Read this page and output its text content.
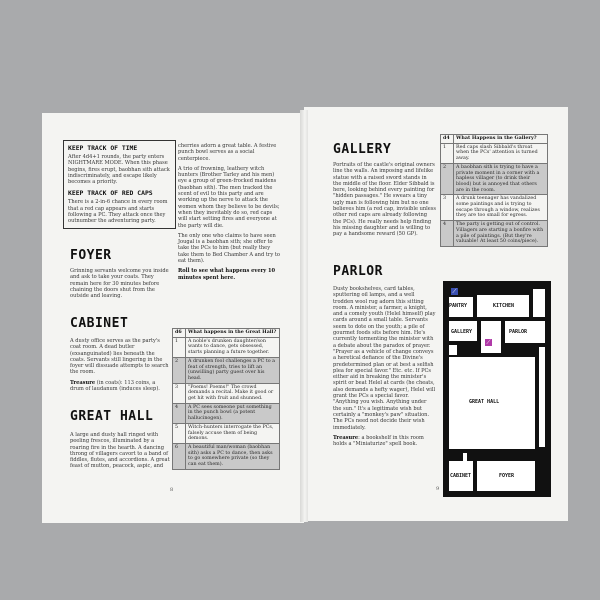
KEEP TRACK OF TIME
After 4d4+1 rounds, the party enters NIGHTMARE MODE. When this phase begins, fires erupt, baobhan sith attack indiscriminately, and escape likely becomes a priority.
KEEP TRACK OF RED CAPS
There is a 2-in-6 chance in every room that a red cap appears and starts following a PC. They attack once they outnumber the adventuring party.
FOYER
Grinning servants welcome you inside and ask to take your coats. They remain here for 30 minutes before chaining the doors shut from the outside and leaving.
CABINET

A dusty office serves as the party's coat room. A dead butler (exsanguinated) lies beneath the coats. Servants still lingering in the foyer will dissuade attempts to search the room.

Treasure (in coats): 113 coins, a drum of laudanum (induces sleep).

GREAT HALL
A large and dusty hall ringed with peeling frescos, illuminated by a roaring fire in the hearth. A dancing throng of villagers cavort to a band of fiddles, flutes, and accordions. A great feast of mutton, peacock, aspic, and

cherries adorn a great table. A festive punch bowl serves as a social centerpiece.

A trio of frowning, leathery witch hunters (Brother Tarley and his men) eye a group of green-frocked maidens (baobhan sith). The men tracked the scent of evil to this party and are working up the nerve to attack the women whom they believe to be devils; when they inevitably do so, red caps will start setting fires and everyone at the party will die.

The only one who claims to have seen Jougal is a baobhan sith; she offer to take the PCs to him (but really they take them to Bed Chamber A and try to eat them).

Roll to see what happens every 10 minutes spent here.

d6	What happens in the Great Hall?
1	A noble's drunken daughter/son wants to dance, gets obsessed, starts planning a future together.
2	A drunken fool challenges a PC to a feat of strength, tries to lift an (unwilling) party guest over his head.
3	"Poems! Poems!" The crowd demands a recital. Make it good or get hit with fruit and shunned.
4	A PC sees someone put something in the punch bowl (a potent hallucinogen).
5	Witch-hunters interrogate the PCs, falsely accuse them of being demons.
6	A beautiful man/woman (baobhan sith) asks a PC to dance, then asks to go somewhere private (so they can eat them).
8
GALLERY
Portraits of the castle's original owners line the walls. An imposing and lifelike statue with a raised sword stands in the middle of the floor. Elder Sibbald is here, looking behind every painting for "hidden passages." He swears a tiny ugly man is following him but no one believes him (a red cap, invisible unless other red caps are already following the PCs). He really needs help finding his missing daughter and is willing to pay a handsome reward (50 GP).
PARLOR

Dusty bookshelves, card tables, sputtering oil lamps, and a well trodden wool rug adorn this sitting room. A minister, a farmer, a knight, and a comely youth (Helel himself) play cards around a small table. Servants seem to dote on the youth; a pile of gourmet foods sits before him. He's currently tormenting the minister with a debate about the paradox of prayer. "Prayer as a vehicle of change conveys a heretical defiance of the Divine's predetermined plan or at best a selfish plea for special favor." Etc. etc. If PCs either aid in breaking the minister's spirit or beat Helel at cards (he cheats, also demands a hefty wager), Helel will grant the PCs a special favor. "Anything you wish. Anything under the sun." It's a legitimate wish but certainly a "monkey's paw" situation. The PCs need not decide their wish immediately.

Treasure: a bookshelf in this room holds a "Miniaturize" spell book.

d4	What Happens in the Gallery?
1	Red caps slash Sibbald's throat when the PCs' attention is turned away.
2	A baobhan sith is trying to have a private moment in a corner with a hapless villager (to drink their blood) but is annoyed that others are in the room.
3	A drunk teenager has vandalized some paintings and is trying to escape through a window, realizes they are too small for egress.
4	The party is getting out of control. Villagers are starting a bonfire with a pile of paintings. (But they're valuable! At least 50 coins/piece).
PANTRY	KITCHEN
GALLERY	PARLOR
GREAT HALL
CABINET	FOYER
⟋
⟋
9
